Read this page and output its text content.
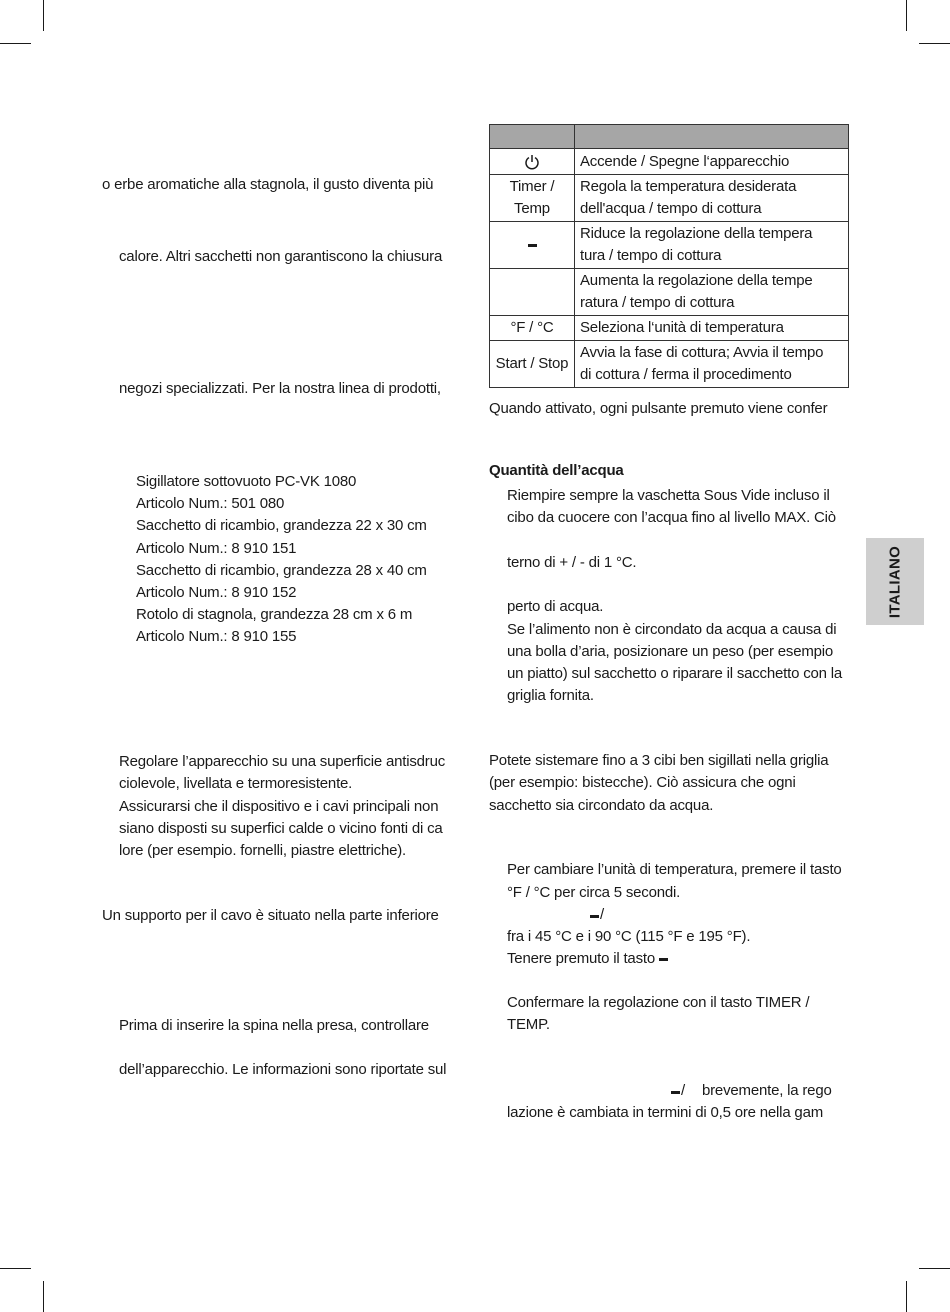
o erbe aromatiche alla stagnola, il gusto diventa più
calore. Altri sacchetti non garantiscono la chiusura
negozi specializzati. Per la nostra linea di prodotti,
Sigillatore sottovuoto PC-VK 1080
Articolo Num.: 501 080
Sacchetto di ricambio, grandezza 22 x 30 cm
Articolo Num.: 8 910 151
Sacchetto di ricambio, grandezza 28 x 40 cm
Articolo Num.: 8 910 152
Rotolo di stagnola, grandezza 28 cm x 6 m
Articolo Num.: 8 910 155
Regolare l’apparecchio su una superficie antisdruc
ciolevole, livellata e termoresistente.
Assicurarsi che il dispositivo e i cavi principali non
siano disposti su superfici calde o vicino fonti di ca
lore (per esempio. fornelli, piastre elettriche).
Un supporto per il cavo è situato nella parte inferiore
Prima di inserire la spina nella presa, controllare
dell’apparecchio. Le informazioni sono riportate sul

	Accende / Spegne l‘apparecchio
Timer / Temp	Regola la temperatura desiderata
dell'acqua / tempo di cottura

	Riduce la regolazione della tempera
tura / tempo di cottura

	Aumenta la regolazione della tempe
ratura / tempo di cottura

°F / °C	Seleziona l‘unità di temperatura
Start / Stop	Avvia la fase di cottura; Avvia il tempo
di cottura / ferma il procedimento
Quando attivato, ogni pulsante premuto viene confer
Quantità dell’acqua
Riempire sempre la vaschetta Sous Vide incluso il
cibo da cuocere con l’acqua fino al livello MAX. Ciò
terno di + / - di 1 °C.
perto di acqua.
Se l’alimento non è circondato da acqua a causa di
una bolla d’aria, posizionare un peso (per esempio
un piatto) sul sacchetto o riparare il sacchetto con la
griglia fornita.
Potete sistemare fino a 3 cibi ben sigillati nella griglia
(per esempio: bistecche). Ciò assicura che ogni
sacchetto sia circondato da acqua.
Per cambiare l’unità di temperatura, premere il tasto
°F / °C per circa 5 secondi.
/
fra i 45 °C e i 90 °C (115 °F e 195 °F).
Tenere premuto il tasto
Confermare la regolazione con il tasto TIMER /
TEMP.
/ brevemente, la rego
lazione è cambiata in termini di 0,5 ore nella gam
ITALIANO
